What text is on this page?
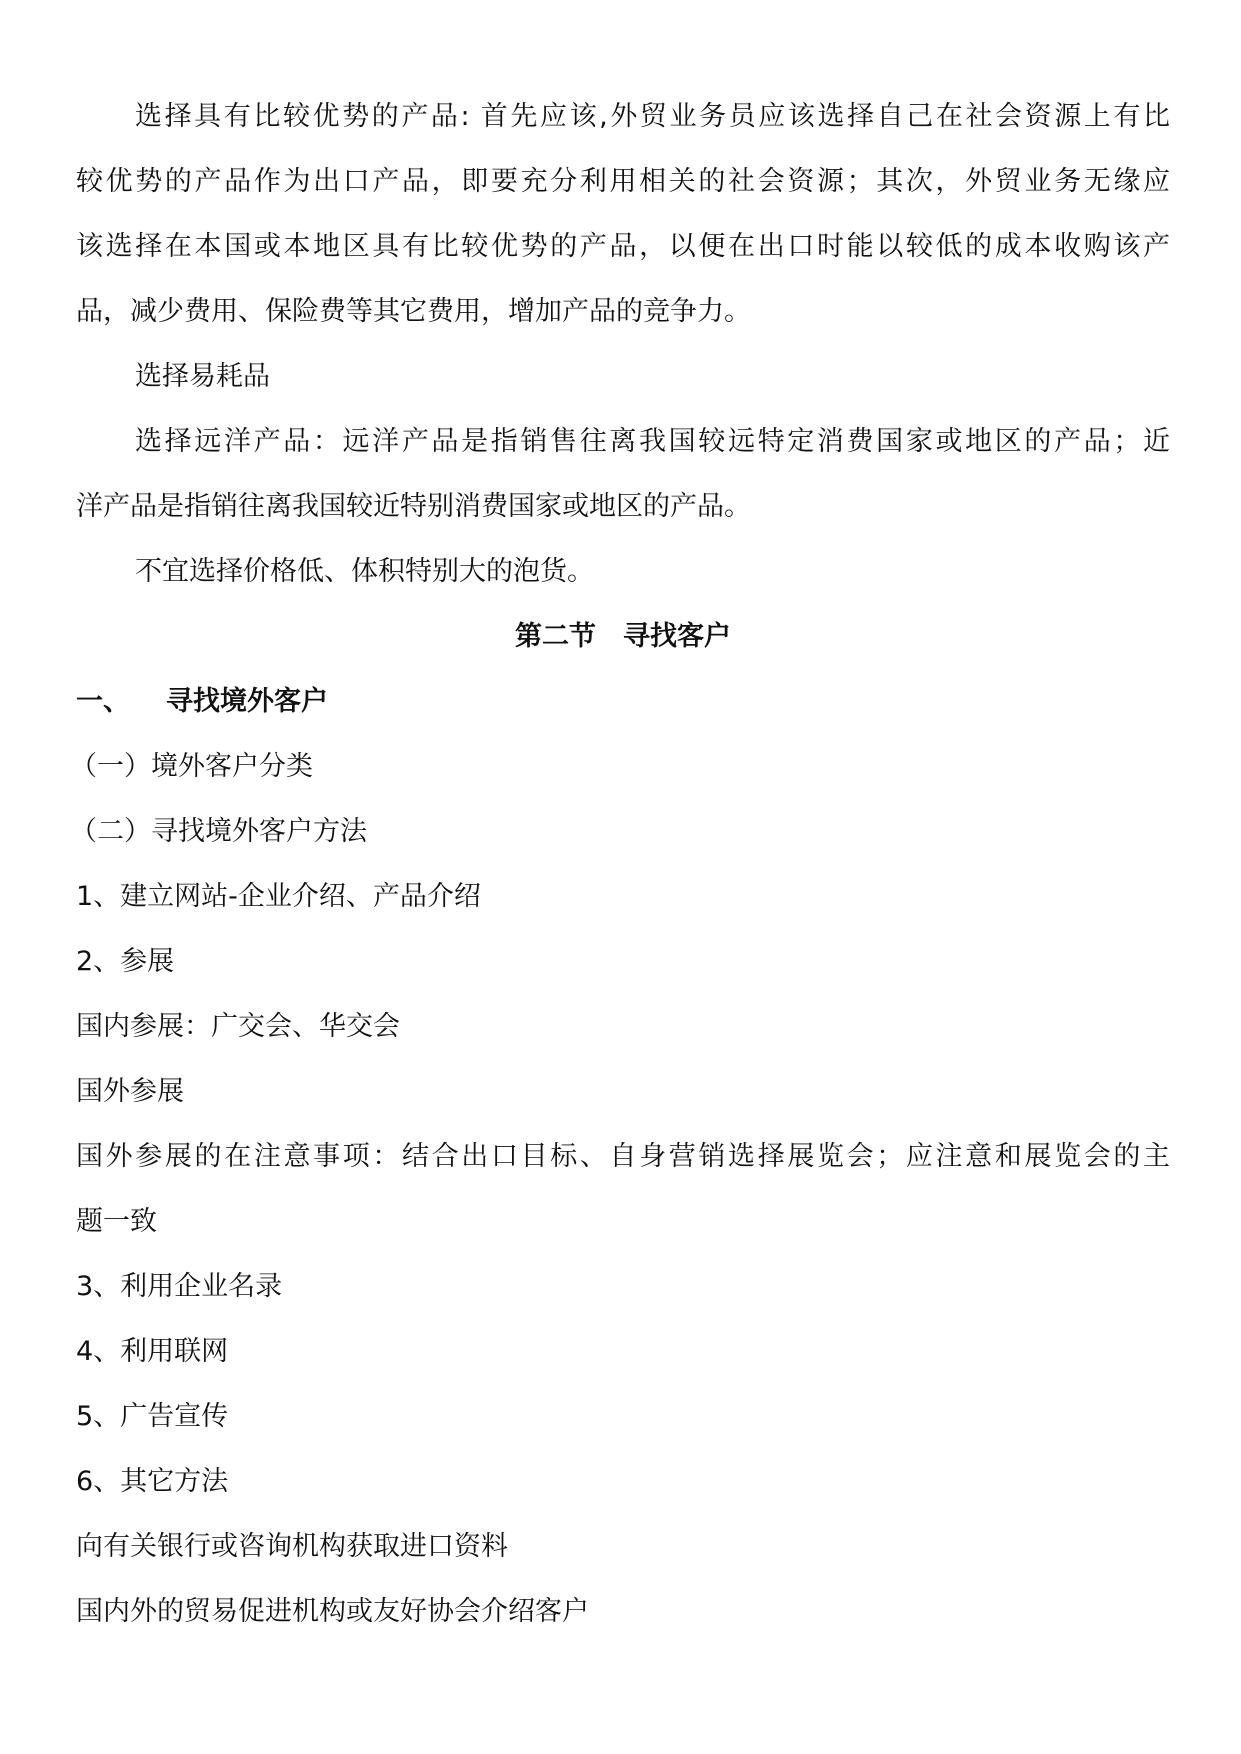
选择具有比较优势的产品: 首先应该,外贸业务员应该选择自己在社会资源上有比

较优势的产品作为出口产品，即要充分利用相关的社会资源；其次，外贸业务无缘应

该选择在本国或本地区具有比较优势的产品，以便在出口时能以较低的成本收购该产

品，减少费用、保险费等其它费用，增加产品的竞争力。

选择易耗品

选择远洋产品：远洋产品是指销售往离我国较远特定消费国家或地区的产品；近

洋产品是指销往离我国较近特别消费国家或地区的产品。

不宜选择价格低、体积特别大的泡货。

第二节　寻找客户

一、 寻找境外客户

（一）境外客户分类

（二）寻找境外客户方法

1、建立网站-企业介绍、产品介绍

2、参展

国内参展：广交会、华交会

国外参展

国外参展的在注意事项：结合出口目标、自身营销选择展览会；应注意和展览会的主

题一致

3、利用企业名录

4、利用联网

5、广告宣传

6、其它方法

向有关银行或咨询机构获取进口资料

国内外的贸易促进机构或友好协会介绍客户
